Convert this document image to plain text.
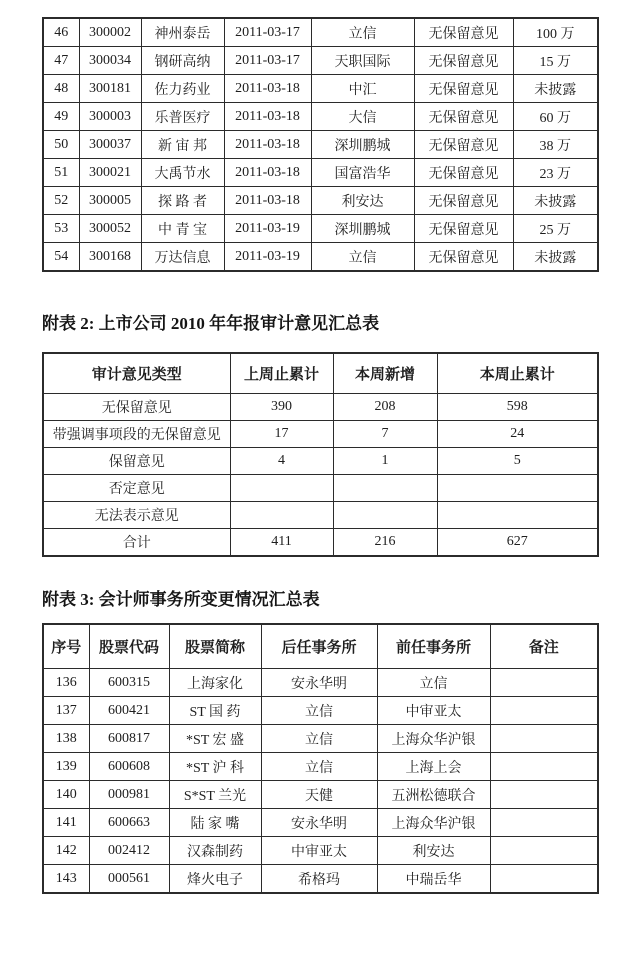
46	300002	神州泰岳	2011-03-17	立信	无保留意见	100 万
47	300034	钢研高纳	2011-03-17	天职国际	无保留意见	15 万
48	300181	佐力药业	2011-03-18	中汇	无保留意见	未披露
49	300003	乐普医疗	2011-03-18	大信	无保留意见	60 万
50	300037	新 宙 邦	2011-03-18	深圳鹏城	无保留意见	38 万
51	300021	大禹节水	2011-03-18	国富浩华	无保留意见	23 万
52	300005	探 路 者	2011-03-18	利安达	无保留意见	未披露
53	300052	中 青 宝	2011-03-19	深圳鹏城	无保留意见	25 万
54	300168	万达信息	2011-03-19	立信	无保留意见	未披露
附表 2: 上市公司 2010 年年报审计意见汇总表
审计意见类型	上周止累计	本周新增	本周止累计
无保留意见	390	208	598
带强调事项段的无保留意见	17	7	24
保留意见	4	1	5
否定意见			
无法表示意见			
合计	411	216	627
附表 3: 会计师事务所变更情况汇总表
序号	股票代码	股票简称	后任事务所	前任事务所	备注
136	600315	上海家化	安永华明	立信	
137	600421	ST 国 药	立信	中审亚太	
138	600817	*ST 宏 盛	立信	上海众华沪银	
139	600608	*ST 沪 科	立信	上海上会	
140	000981	S*ST 兰光	天健	五洲松德联合	
141	600663	陆 家 嘴	安永华明	上海众华沪银	
142	002412	汉森制药	中审亚太	利安达	
143	000561	烽火电子	希格玛	中瑞岳华	
